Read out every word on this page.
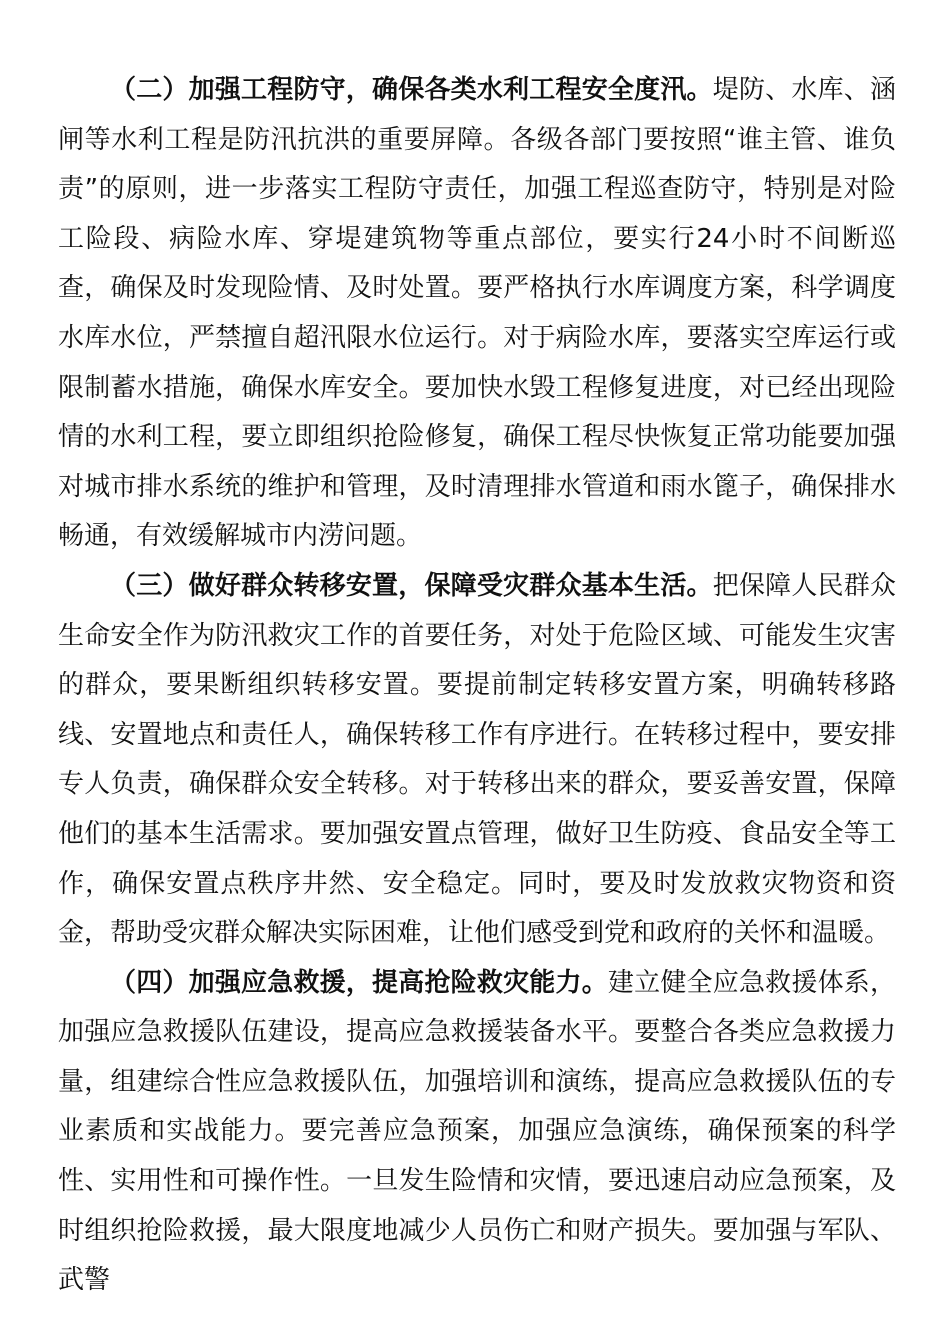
（二）加强工程防守，确保各类水利工程安全度汛。堤防、水库、涵闸等水利工程是防汛抗洪的重要屏障。各级各部门要按照“谁主管、谁负责”的原则，进一步落实工程防守责任，加强工程巡查防守，特别是对险工险段、病险水库、穿堤建筑物等重点部位，要实行24小时不间断巡查，确保及时发现险情、及时处置。要严格执行水库调度方案，科学调度水库水位，严禁擅自超汛限水位运行。对于病险水库，要落实空库运行或限制蓄水措施，确保水库安全。要加快水毁工程修复进度，对已经出现险情的水利工程，要立即组织抢险修复，确保工程尽快恢复正常功能要加强对城市排水系统的维护和管理，及时清理排水管道和雨水篦子，确保排水畅通，有效缓解城市内涝问题。

（三）做好群众转移安置，保障受灾群众基本生活。把保障人民群众生命安全作为防汛救灾工作的首要任务，对处于危险区域、可能发生灾害的群众，要果断组织转移安置。要提前制定转移安置方案，明确转移路线、安置地点和责任人，确保转移工作有序进行。在转移过程中，要安排专人负责，确保群众安全转移。对于转移出来的群众，要妥善安置，保障他们的基本生活需求。要加强安置点管理，做好卫生防疫、食品安全等工作，确保安置点秩序井然、安全稳定。同时，要及时发放救灾物资和资金，帮助受灾群众解决实际困难，让他们感受到党和政府的关怀和温暖。

（四）加强应急救援，提高抢险救灾能力。建立健全应急救援体系，加强应急救援队伍建设，提高应急救援装备水平。要整合各类应急救援力量，组建综合性应急救援队伍，加强培训和演练，提高应急救援队伍的专业素质和实战能力。要完善应急预案，加强应急演练，确保预案的科学性、实用性和可操作性。一旦发生险情和灾情，要迅速启动应急预案，及时组织抢险救援，最大限度地减少人员伤亡和财产损失。要加强与军队、武警
